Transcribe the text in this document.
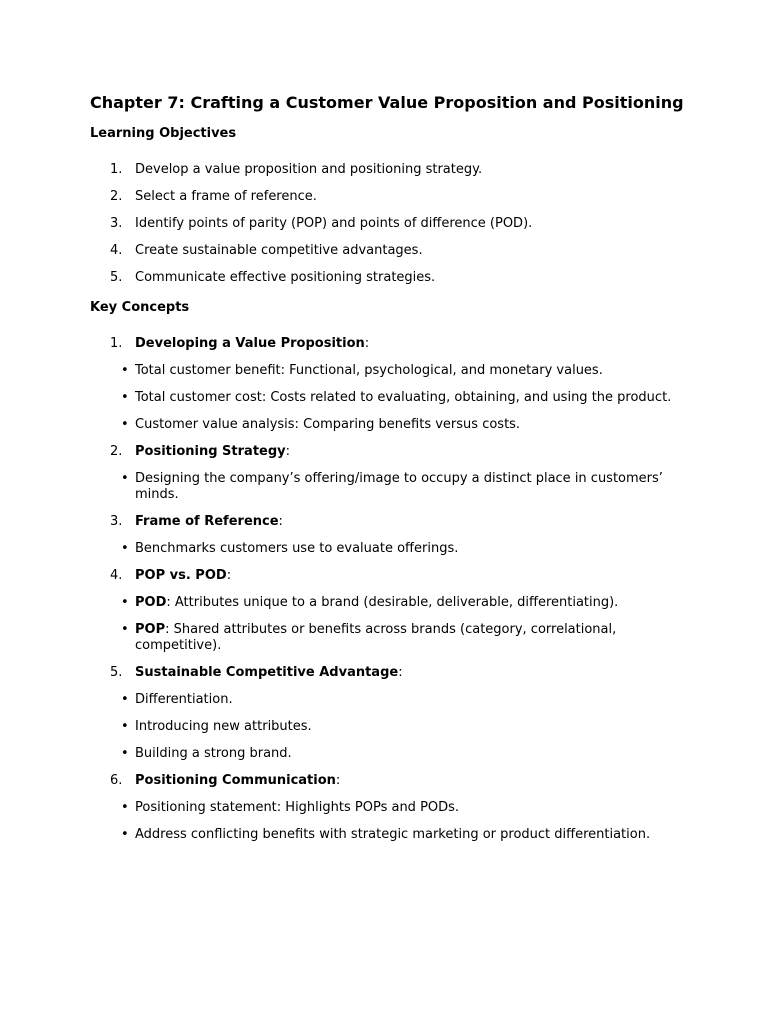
Chapter 7: Crafting a Customer Value Proposition and Positioning
Learning Objectives
1. Develop a value proposition and positioning strategy.
2. Select a frame of reference.
3. Identify points of parity (POP) and points of difference (POD).
4. Create sustainable competitive advantages.
5. Communicate effective positioning strategies.
Key Concepts
1. Developing a Value Proposition:
• Total customer benefit: Functional, psychological, and monetary values.
• Total customer cost: Costs related to evaluating, obtaining, and using the product.
• Customer value analysis: Comparing benefits versus costs.
2. Positioning Strategy:
• Designing the company’s offering/image to occupy a distinct place in customers’ minds.
3. Frame of Reference:
• Benchmarks customers use to evaluate offerings.
4. POP vs. POD:
• POD: Attributes unique to a brand (desirable, deliverable, differentiating).
• POP: Shared attributes or benefits across brands (category, correlational, competitive).
5. Sustainable Competitive Advantage:
• Differentiation.
• Introducing new attributes.
• Building a strong brand.
6. Positioning Communication:
• Positioning statement: Highlights POPs and PODs.
• Address conflicting benefits with strategic marketing or product differentiation.
